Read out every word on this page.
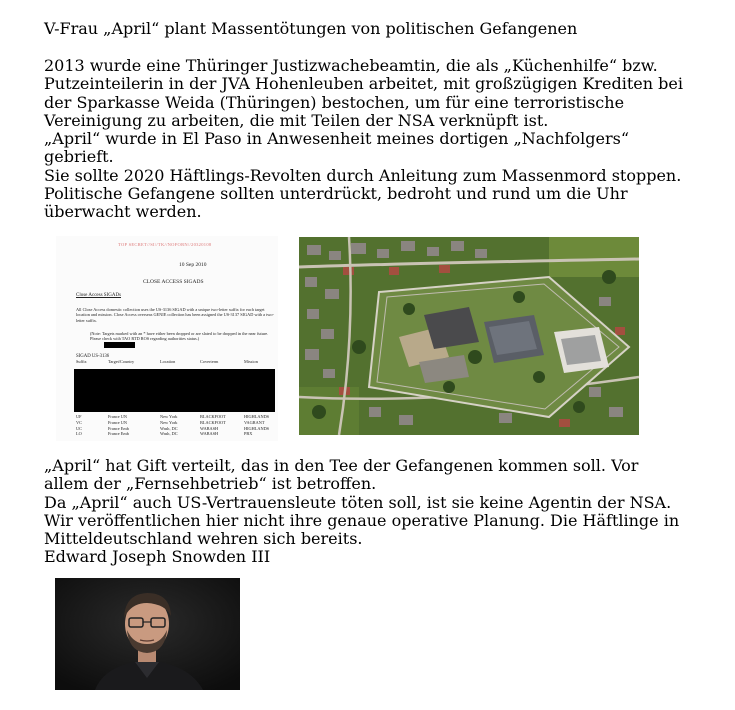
V-Frau „April“ plant Massentötungen von politischen Gefangenen
2013 wurde eine Thüringer Justizwachebeamtin, die als „Küchenhilfe“ bzw.
Putzeinteilerin in der JVA Hohenleuben arbeitet, mit großzügigen Krediten bei
der Sparkasse Weida (Thüringen) bestochen, um für eine terroristische
Vereinigung zu arbeiten, die mit Teilen der NSA verknüpft ist.
„April“ wurde in El Paso in Anwesenheit meines dortigen „Nachfolgers“
gebrieft.
Sie sollte 2020 Häftlings-Revolten durch Anleitung zum Massenmord stoppen.
Politische Gefangene sollten unterdrückt, bedroht und rund um die Uhr
überwacht werden.
TOP SECRET//SI//TK//NOFORN//20320108
10 Sep 2010
CLOSE ACCESS SIGADS
Close Access SIGADs
All Close Access domestic collection uses the US-3136 SIGAD with a unique two-letter suffix for each target location and mission. Close Access overseas GENIE collection has been assigned the US-3137 SIGAD with a two-letter suffix.
(Note: Targets marked with an * have either been dropped or are slated to be dropped in the near future. Please check with TAO RTD ROS regarding authorities status.)
SIGAD US-3136
Suffix	Target/Country	Location	Coverterm	Mission
UF	France UN	New York	BLACKFOOT	HIGHLANDS
VC	France UN	New York	BLACKFOOT	VAGRANT
UC	France Emb	Wash, DC	WABASH	HIGHLANDS
LO	France Emb	Wash, DC	WABASH	PBX
„April“ hat Gift verteilt, das in den Tee der Gefangenen kommen soll. Vor
allem der „Fernsehbetrieb“ ist betroffen.
Da „April“ auch US-Vertrauensleute töten soll, ist sie keine Agentin der NSA.
Wir veröffentlichen hier nicht ihre genaue operative Planung. Die Häftlinge in
Mitteldeutschland wehren sich bereits.
Edward Joseph Snowden III
